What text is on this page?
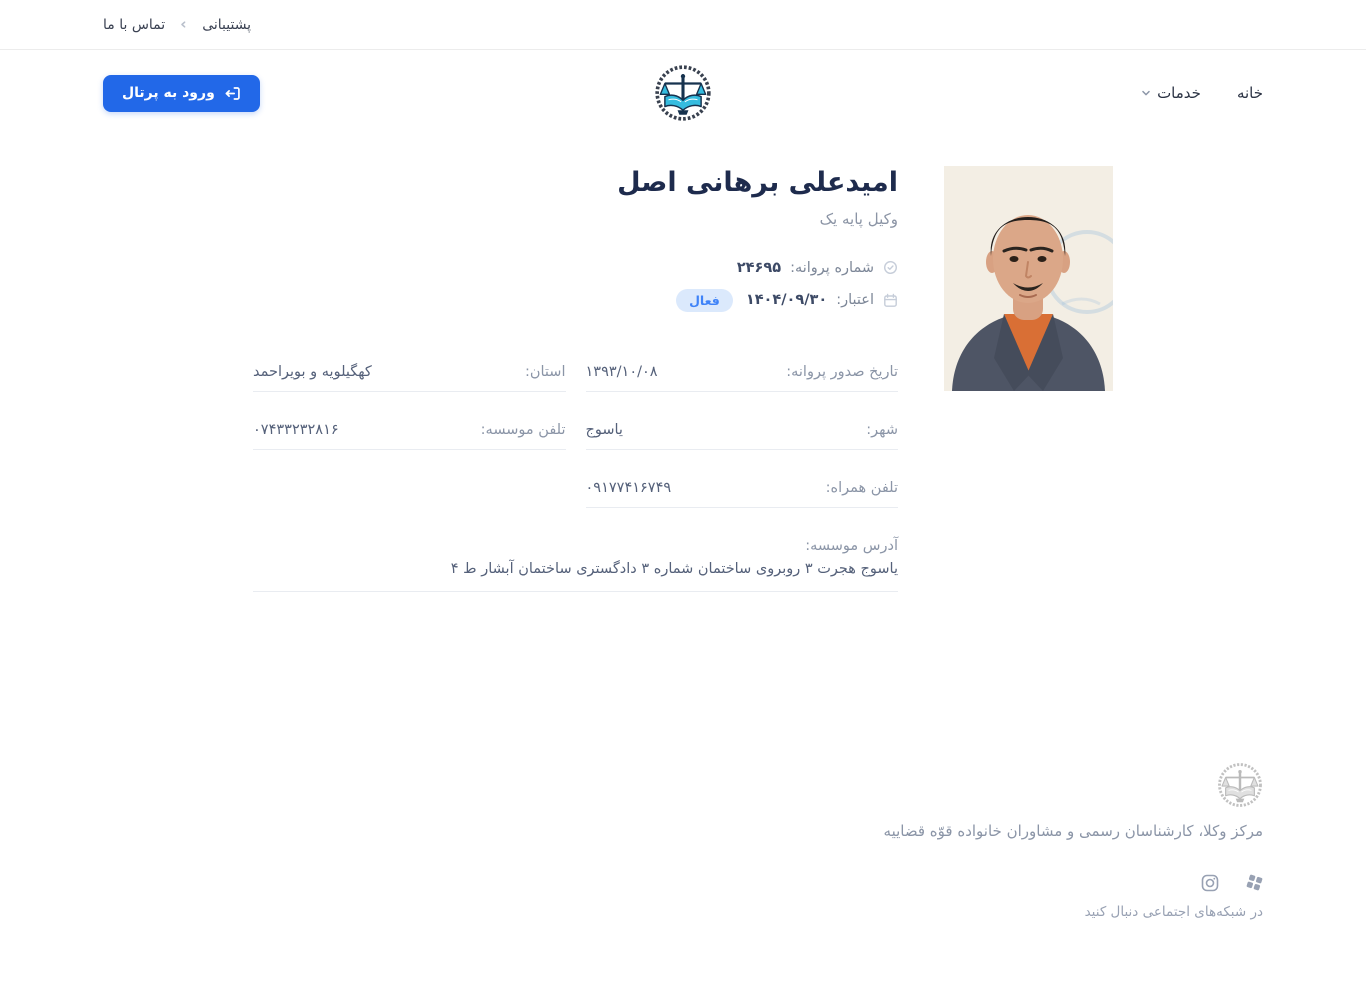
پشتیبانی
تماس با ما
خانه
خدمات
ورود به پرتال
امیدعلی برهانی اصل
وکیل پایه یک
شماره پروانه:
۲۴۶۹۵
اعتبار:
۱۴۰۴/۰۹/۳۰
فعال
تاریخ صدور پروانه:
۱۳۹۳/۱۰/۰۸
استان:
کهگیلویه و بویراحمد
شهر:
یاسوج
تلفن موسسه:
۰۷۴۳۳۲۳۲۸۱۶
تلفن همراه:
۰۹۱۷۷۴۱۶۷۴۹
آدرس موسسه:
یاسوج هجرت ۳ روبروی ساختمان شماره ۳ دادگستری ساختمان آبشار ط ۴
مرکز وکلا، کارشناسان رسمی و مشاوران خانواده قوّه قضاییه
در شبکه‌های اجتماعی دنبال کنید
